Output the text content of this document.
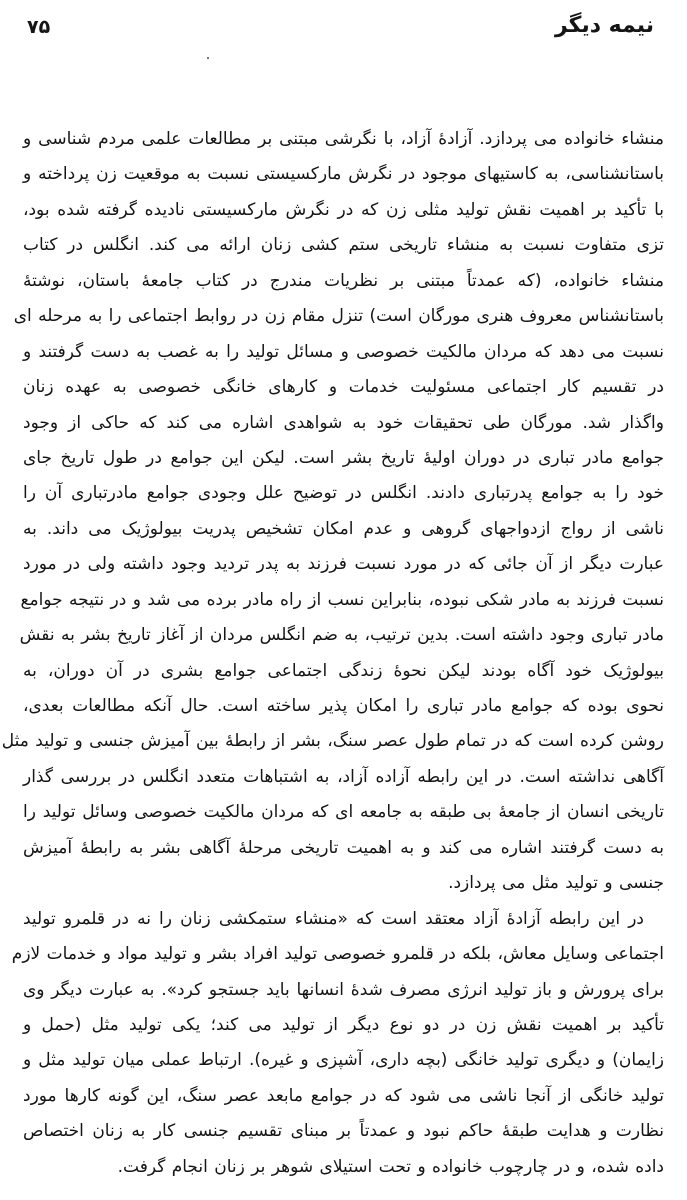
نیمه دیگر
۷۵
منشاء خانواده می پردازد. آزادهٔ آزاد، با نگرشی مبتنی بر مطالعات علمی مردم شناسی و
باستانشناسی، به کاستیهای موجود در نگرش مارکسیستی نسبت به موقعیت زن پرداخته و
با تأکید بر اهمیت نقش تولید مثلی زن که در نگرش مارکسیستی نادیده گرفته شده بود،
تزی متفاوت نسبت به منشاء تاریخی ستم کشی زنان ارائه می کند. انگلس در کتاب
منشاء خانواده، (که عمدتاً مبتنی بر نظریات مندرج در کتاب جامعهٔ باستان، نوشتهٔ
باستانشناس معروف هنری مورگان است) تنزل مقام زن در روابط اجتماعی را به مرحله ای
نسبت می دهد که مردان مالکیت خصوصی و مسائل تولید را به غصب به دست گرفتند و
در تقسیم کار اجتماعی مسئولیت خدمات و کارهای خانگی خصوصی به عهده زنان
واگذار شد. مورگان طی تحقیقات خود به شواهدی اشاره می کند که حاکی از وجود
جوامع مادر تباری در دوران اولیهٔ تاریخ بشر است. لیکن این جوامع در طول تاریخ جای
خود را به جوامع پدرتباری دادند. انگلس در توضیح علل وجودی جوامع مادرتباری آن را
ناشی از رواج ازدواجهای گروهی و عدم امکان تشخیص پدریت بیولوژیک می داند. به
عبارت دیگر از آن جائی که در مورد نسبت فرزند به پدر تردید وجود داشته ولی در مورد
نسبت فرزند به مادر شکی نبوده، بنابراین نسب از راه مادر برده می شد و در نتیجه جوامع
مادر تباری وجود داشته است. بدین ترتیب، به ضم انگلس مردان از آغاز تاریخ بشر به نقش
بیولوژیک خود آگاه بودند لیکن نحوهٔ زندگی اجتماعی جوامع بشری در آن دوران، به
نحوی بوده که جوامع مادر تباری را امکان پذیر ساخته است. حال آنکه مطالعات بعدی،
روشن کرده است که در تمام طول عصر سنگ، بشر از رابطهٔ بین آمیزش جنسی و تولید مثل
آگاهی نداشته است. در این رابطه آزاده آزاد، به اشتباهات متعدد انگلس در بررسی گذار
تاریخی انسان از جامعهٔ بی طبقه به جامعه ای که مردان مالکیت خصوصی وسائل تولید را
به دست گرفتند اشاره می کند و به اهمیت تاریخی مرحلهٔ آگاهی بشر به رابطهٔ آمیزش
جنسی و تولید مثل می پردازد.
در این رابطه آزادهٔ آزاد معتقد است که «منشاء ستمکشی زنان را نه در قلمرو تولید
اجتماعی وسایل معاش، بلکه در قلمرو خصوصی تولید افراد بشر و تولید مواد و خدمات لازم
برای پرورش و باز تولید انرژی مصرف شدهٔ انسانها باید جستجو کرد». به عبارت دیگر وی
تأکید بر اهمیت نقش زن در دو نوع دیگر از تولید می کند؛ یکی تولید مثل (حمل و
زایمان) و دیگری تولید خانگی (بچه داری، آشپزی و غیره). ارتباط عملی میان تولید مثل و
تولید خانگی از آنجا ناشی می شود که در جوامع مابعد عصر سنگ، این گونه کارها مورد
نظارت و هدایت طبقهٔ حاکم نبود و عمدتاً بر مبنای تقسیم جنسی کار به زنان اختصاص
داده شده، و در چارچوب خانواده و تحت استیلای شوهر بر زنان انجام گرفت.
